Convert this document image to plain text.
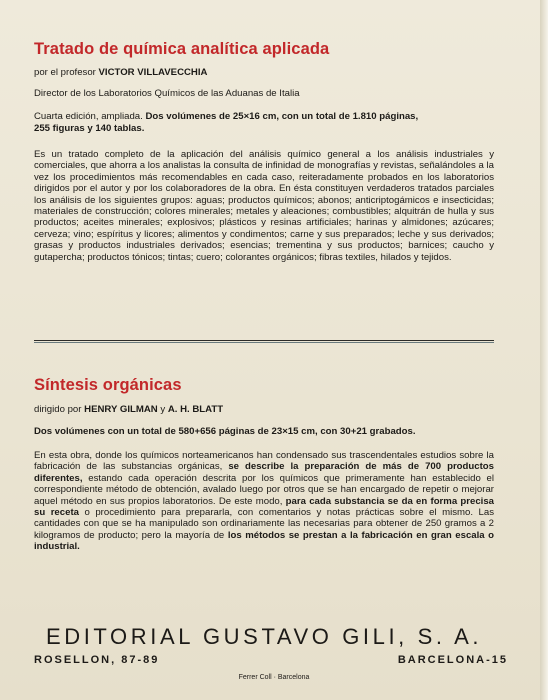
Tratado de química analítica aplicada
por el profesor VICTOR VILLAVECCHIA
Director de los Laboratorios Químicos de las Aduanas de Italia
Cuarta edición, ampliada. Dos volúmenes de 25×16 cm, con un total de 1.810 páginas,
255 figuras y 140 tablas.

Es un tratado completo de la aplicación del análisis químico general a los análisis industriales y comerciales, que ahorra a los analistas la consulta de infinidad de monografías y revistas, señalándoles a la vez los procedimientos más recomendables en cada caso, reiteradamente probados en los laboratorios dirigidos por el autor y por los colaboradores de la obra. En ésta constituyen verdaderos tratados parciales los análisis de los siguientes grupos: aguas; productos químicos; abonos; anticriptogámicos e insecticidas; materiales de construcción; colores minerales; metales y aleaciones; combustibles; alquitrán de hulla y sus productos; aceites minerales; explosivos; plásticos y resinas artificiales; harinas y almidones; azúcares; cerveza; vino; espíritus y licores; alimentos y condimentos; carne y sus preparados; leche y sus derivados; grasas y productos industriales derivados; esencias; trementina y sus productos; barnices; caucho y gutapercha; productos tónicos; tintas; cuero; colorantes orgánicos; fibras textiles, hilados y tejidos.

Síntesis orgánicas
dirigido por HENRY GILMAN y A. H. BLATT
Dos volúmenes con un total de 580+656 páginas de 23×15 cm, con 30+21 grabados.

En esta obra, donde los químicos norteamericanos han condensado sus trascendentales estudios sobre la fabricación de las substancias orgánicas, se describe la preparación de más de 700 productos diferentes, estando cada operación descrita por los químicos que primeramente han establecido el correspondiente método de obtención, avalado luego por otros que se han encargado de repetir o mejorar aquel método en sus propios laboratorios. De este modo, para cada substancia se da en forma precisa su receta o procedimiento para prepararla, con comentarios y notas prácticas sobre el mismo. Las cantidades con que se ha manipulado son ordinariamente las necesarias para obtener de 250 gramos a 2 kilogramos de producto; pero la mayoría de los métodos se prestan a la fabricación en gran escala o industrial.

EDITORIAL GUSTAVO GILI, S. A.
ROSELLON, 87-89	BARCELONA-15
Ferrer Coll · Barcelona
